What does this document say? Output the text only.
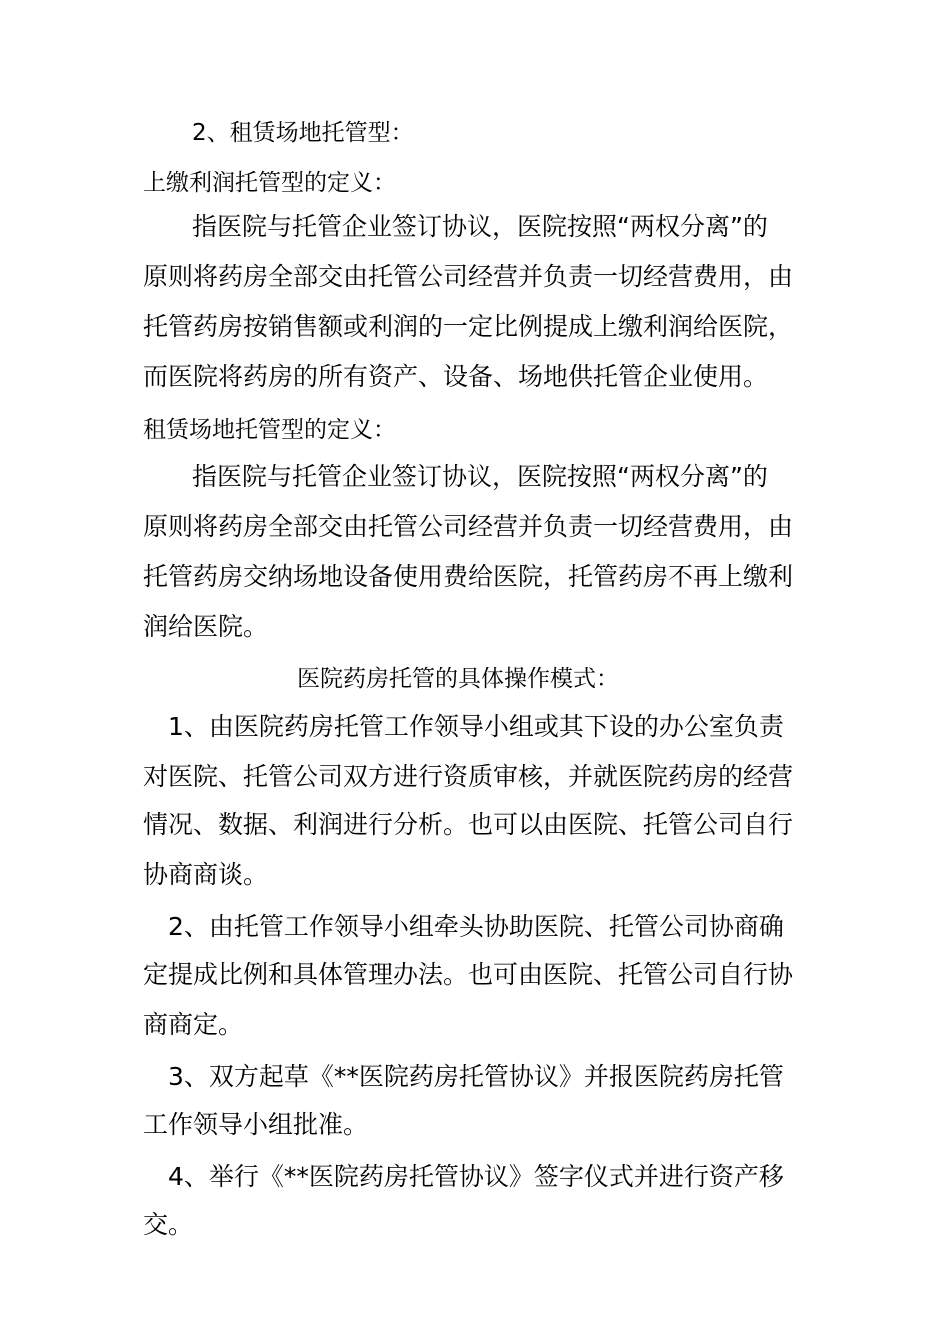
2、租赁场地托管型：
上缴利润托管型的定义：
指医院与托管企业签订协议，医院按照“两权分离”的
原则将药房全部交由托管公司经营并负责一切经营费用，由
托管药房按销售额或利润的一定比例提成上缴利润给医院，
而医院将药房的所有资产、设备、场地供托管企业使用。
租赁场地托管型的定义：
指医院与托管企业签订协议，医院按照“两权分离”的
原则将药房全部交由托管公司经营并负责一切经营费用，由
托管药房交纳场地设备使用费给医院，托管药房不再上缴利
润给医院。
医院药房托管的具体操作模式：
1、由医院药房托管工作领导小组或其下设的办公室负责
对医院、托管公司双方进行资质审核，并就医院药房的经营
情况、数据、利润进行分析。也可以由医院、托管公司自行
协商商谈。
2、由托管工作领导小组牵头协助医院、托管公司协商确
定提成比例和具体管理办法。也可由医院、托管公司自行协
商商定。
3、双方起草《**医院药房托管协议》并报医院药房托管
工作领导小组批准。
4、举行《**医院药房托管协议》签字仪式并进行资产移
交。
